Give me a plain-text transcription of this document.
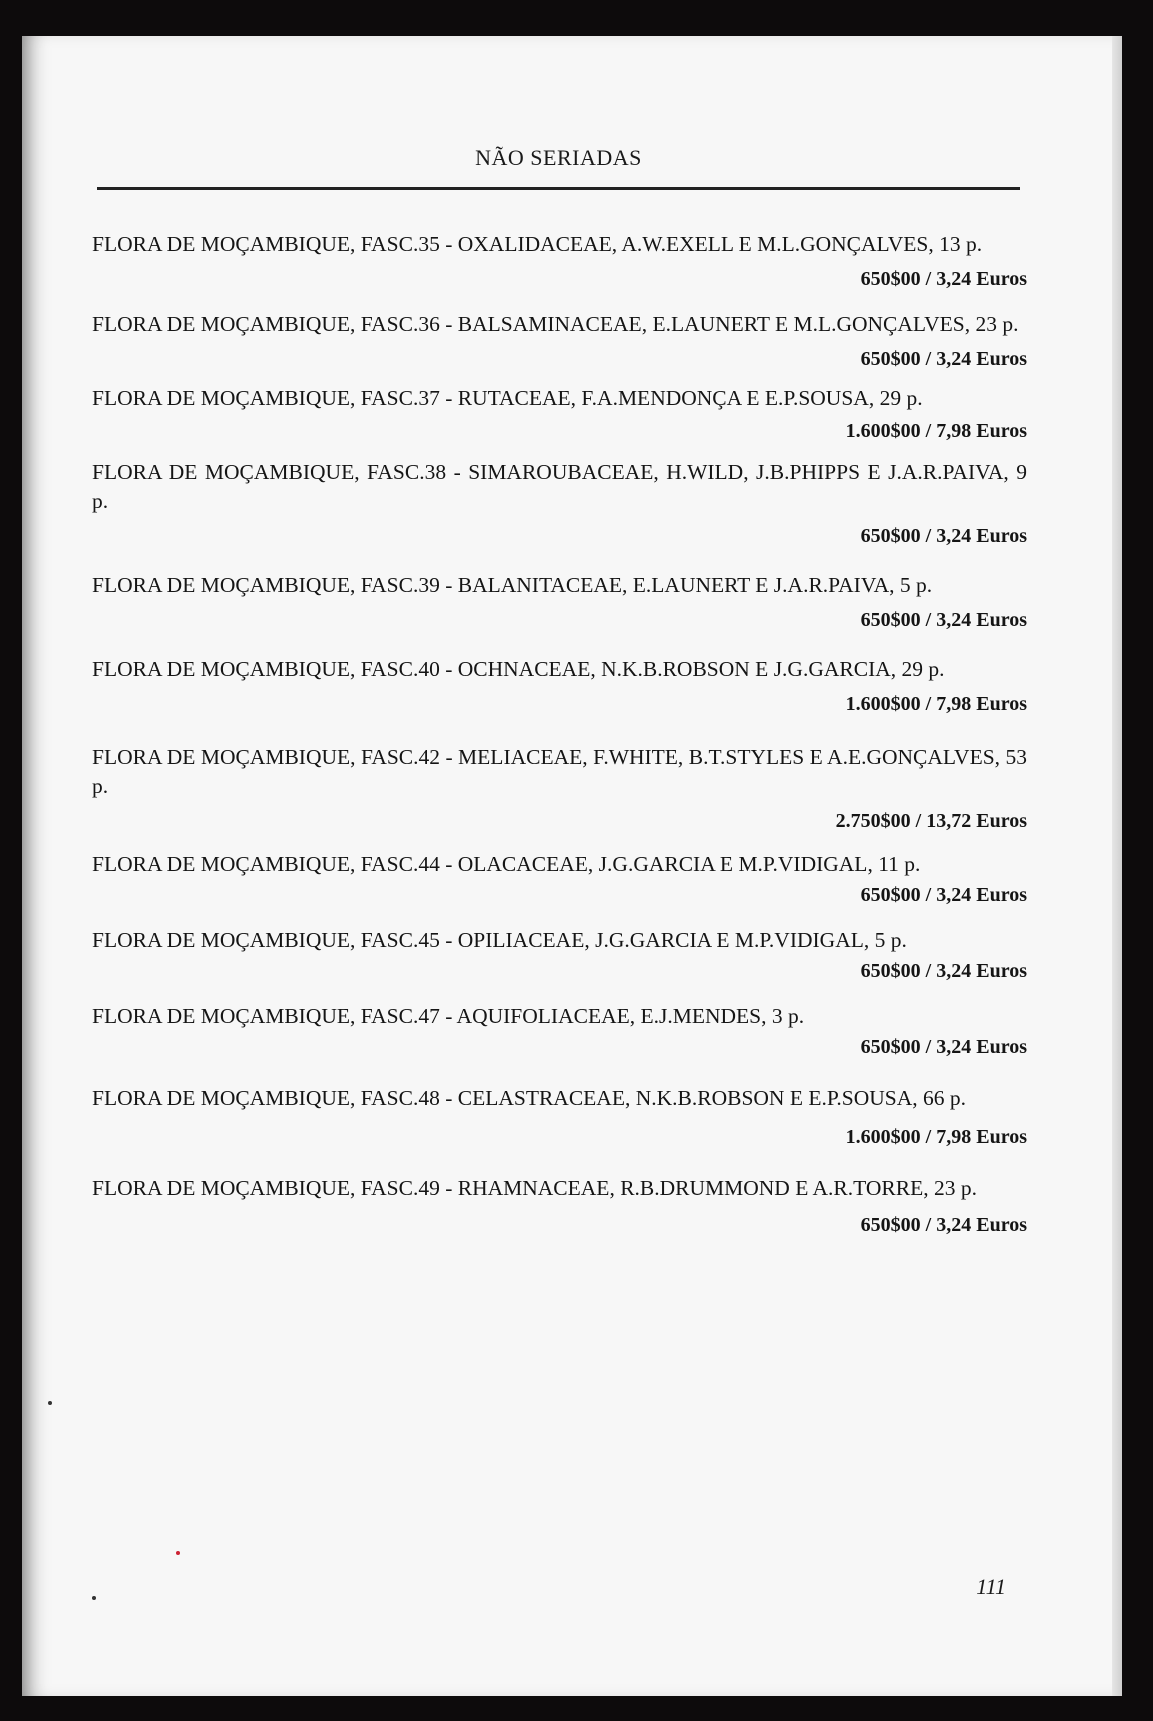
NÃO SERIADAS
FLORA DE MOÇAMBIQUE, FASC.35 - OXALIDACEAE, A.W.EXELL E M.L.GONÇALVES, 13 p.
650$00 / 3,24 Euros
FLORA DE MOÇAMBIQUE, FASC.36 - BALSAMINACEAE, E.LAUNERT E M.L.GONÇALVES, 23 p.
650$00 / 3,24 Euros
FLORA DE MOÇAMBIQUE, FASC.37 - RUTACEAE, F.A.MENDONÇA E E.P.SOUSA, 29 p.
1.600$00 / 7,98 Euros
FLORA DE MOÇAMBIQUE, FASC.38 - SIMAROUBACEAE, H.WILD, J.B.PHIPPS E J.A.R.PAIVA, 9 p.
650$00 / 3,24 Euros
FLORA DE MOÇAMBIQUE, FASC.39 - BALANITACEAE, E.LAUNERT E J.A.R.PAIVA, 5 p.
650$00 / 3,24 Euros
FLORA DE MOÇAMBIQUE, FASC.40 - OCHNACEAE, N.K.B.ROBSON E J.G.GARCIA, 29 p.
1.600$00 / 7,98 Euros
FLORA DE MOÇAMBIQUE, FASC.42 - MELIACEAE, F.WHITE, B.T.STYLES E A.E.GONÇALVES, 53 p.
2.750$00 / 13,72 Euros
FLORA DE MOÇAMBIQUE, FASC.44 - OLACACEAE, J.G.GARCIA E M.P.VIDIGAL, 11 p.
650$00 / 3,24 Euros
FLORA DE MOÇAMBIQUE, FASC.45 - OPILIACEAE, J.G.GARCIA E M.P.VIDIGAL, 5 p.
650$00 / 3,24 Euros
FLORA DE MOÇAMBIQUE, FASC.47 - AQUIFOLIACEAE, E.J.MENDES, 3 p.
650$00 / 3,24 Euros
FLORA DE MOÇAMBIQUE, FASC.48 - CELASTRACEAE, N.K.B.ROBSON E E.P.SOUSA, 66 p.
1.600$00 / 7,98 Euros
FLORA DE MOÇAMBIQUE, FASC.49 - RHAMNACEAE, R.B.DRUMMOND E A.R.TORRE, 23 p.
650$00 / 3,24 Euros
111
